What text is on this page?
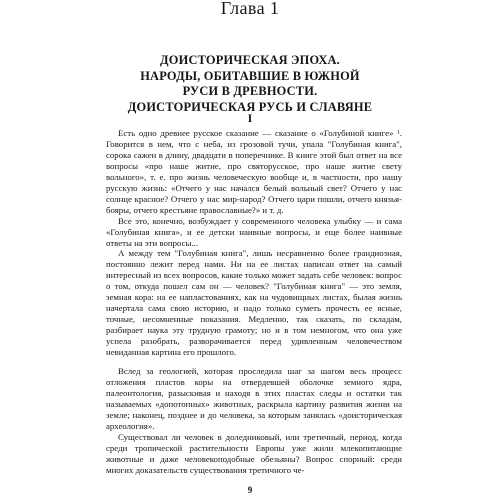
Глава 1
ДОИСТОРИЧЕСКАЯ ЭПОХА.
НАРОДЫ, ОБИТАВШИЕ В ЮЖНОЙ
РУСИ В ДРЕВНОСТИ.
ДОИСТОРИЧЕСКАЯ РУСЬ И СЛАВЯНЕ
I

Есть одно древнее русское сказание — сказание о «Голубиной книге» ¹. Говорится в нем, что с неба, из грозовой тучи, упала "Голубиная книга", сорока сажен в длину, двадцати в поперечнике. В книге этой был ответ на все вопросы «про наше житие, про святорусское, про наше житие свету вольного», т. е. про жизнь человеческую вообще и, в частности, про нашу русскую жизнь: «Отчего у нас начался белый вольный свет? Отчего у нас солнце красное? Отчего у нас мир-народ? Отчего цари пошли, отчего князья-бояры, отчего крестьяне православные?» и т. д.

Все это, конечно, возбуждает у современного человека улыбку — и сама «Голубиная книга», и ее детски наивные вопросы, и еще более наивные ответы на эти вопросы...

А между тем "Голубиная книга", лишь несравненно более грандиозная, постоянно лежит перед нами. Ни на ее листах написан ответ на самый интересный из всех вопросов, какие только может задать себе человек: вопрос о том, откуда пошел сам он — человек? "Голубиная книга" — это земля, земная кора: на ее напластованиях, как на чудовищных листах, былая жизнь начертала сама свою историю, и надо только суметь прочесть ее ясные, точные, несомненные показания. Медленно, так сказать, по складам, разбирает наука эту трудную грамоту; но и в том немногом, что она уже успела разобрать, разворачивается перед удивленным человечеством невиданная картина его прошлого.

Вслед за геологией, которая проследила шаг за шагом весь процесс отложения пластов коры на отвердевшей оболочке земного ядра, палеонтология, разыскивая и находя в этих пластах следы и остатки так называемых «допотопных» животных, раскрыла картину развития жизни на земле; наконец, позднее и до человека, за которым занялась «доисторическая археология».

Существовал ли человек в доледниковый, или третичный, период, когда среди тропической растительности Европы уже жили млекопитающие животные и даже человекоподобные обезьяны? Вопрос спорный: среди многих доказательств существования третичного че-

9
